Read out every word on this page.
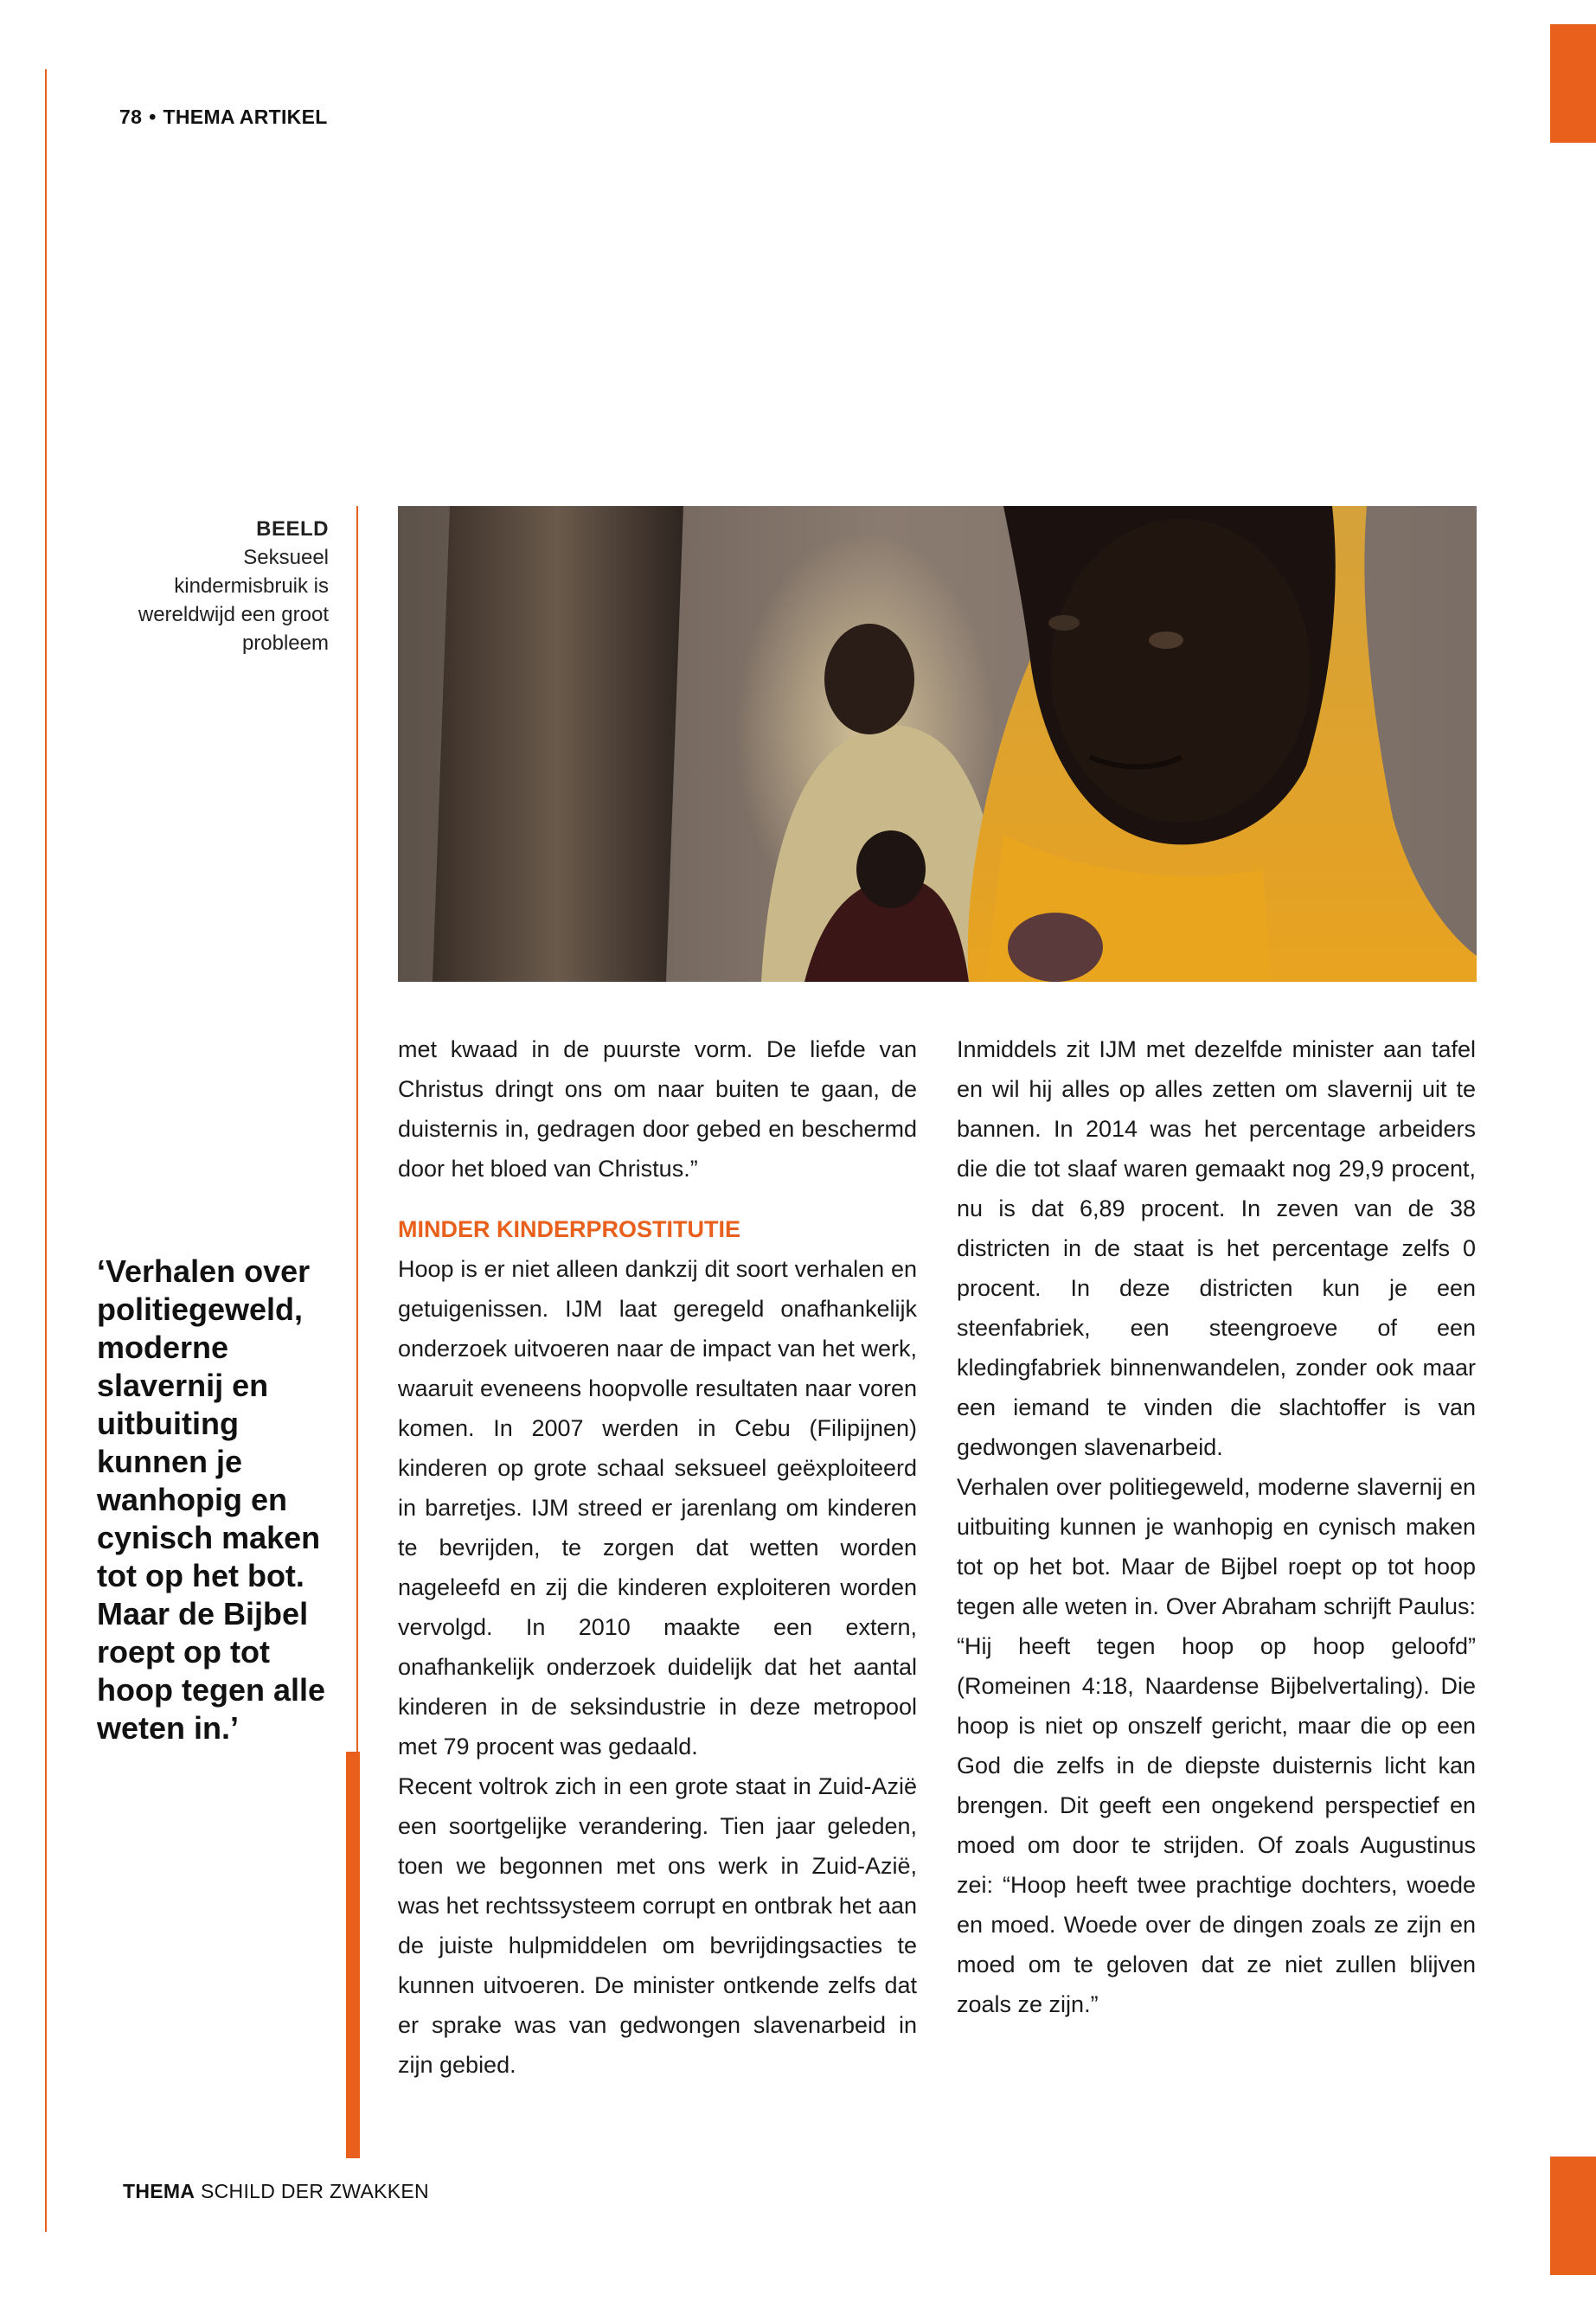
78 • THEMA ARTIKEL
BEELD
Seksueel kindermisbruik is wereldwijd een groot probleem
‘Verhalen over politiegeweld, moderne slavernij en uitbuiting kunnen je wanhopig en cynisch maken tot op het bot. Maar de Bijbel roept op tot hoop tegen alle weten in.’

met kwaad in de puurste vorm. De liefde van Christus dringt ons om naar buiten te gaan, de duisternis in, gedragen door gebed en beschermd door het bloed van Christus.”

MINDER KINDERPROSTITUTIE

Hoop is er niet alleen dankzij dit soort verhalen en getuigenissen. IJM laat geregeld onafhankelijk onderzoek uitvoeren naar de impact van het werk, waaruit eveneens hoopvolle resultaten naar voren komen. In 2007 werden in Cebu (Filipijnen) kinderen op grote schaal seksueel geëxploiteerd in barretjes. IJM streed er jarenlang om kinderen te bevrijden, te zorgen dat wetten worden nageleefd en zij die kinderen exploiteren worden vervolgd. In 2010 maakte een extern, onafhankelijk onderzoek duidelijk dat het aantal kinderen in de seksindustrie in deze metropool met 79 procent was gedaald.

Recent voltrok zich in een grote staat in Zuid-Azië een soortgelijke verandering. Tien jaar geleden, toen we begonnen met ons werk in Zuid-Azië, was het rechtssysteem corrupt en ontbrak het aan de juiste hulpmiddelen om bevrijdingsacties te kunnen uitvoeren. De minister ontkende zelfs dat er sprake was van gedwongen slavenarbeid in zijn gebied.

Inmiddels zit IJM met dezelfde minister aan tafel en wil hij alles op alles zetten om slavernij uit te bannen. In 2014 was het percentage arbeiders die die tot slaaf waren gemaakt nog 29,9 procent, nu is dat 6,89 procent. In zeven van de 38 districten in de staat is het percentage zelfs 0 procent. In deze districten kun je een steenfabriek, een steengroeve of een kledingfabriek binnenwandelen, zonder ook maar een iemand te vinden die slachtoffer is van gedwongen slavenarbeid.

Verhalen over politiegeweld, moderne slavernij en uitbuiting kunnen je wanhopig en cynisch maken tot op het bot. Maar de Bijbel roept op tot hoop tegen alle weten in. Over Abraham schrijft Paulus: “Hij heeft tegen hoop op hoop geloofd” (Romeinen 4:18, Naardense Bijbelvertaling). Die hoop is niet op onszelf gericht, maar die op een God die zelfs in de diepste duisternis licht kan brengen. Dit geeft een ongekend perspectief en moed om door te strijden. Of zoals Augustinus zei: “Hoop heeft twee prachtige dochters, woede en moed. Woede over de dingen zoals ze zijn en moed om te geloven dat ze niet zullen blijven zoals ze zijn.”

THEMA SCHILD DER ZWAKKEN
